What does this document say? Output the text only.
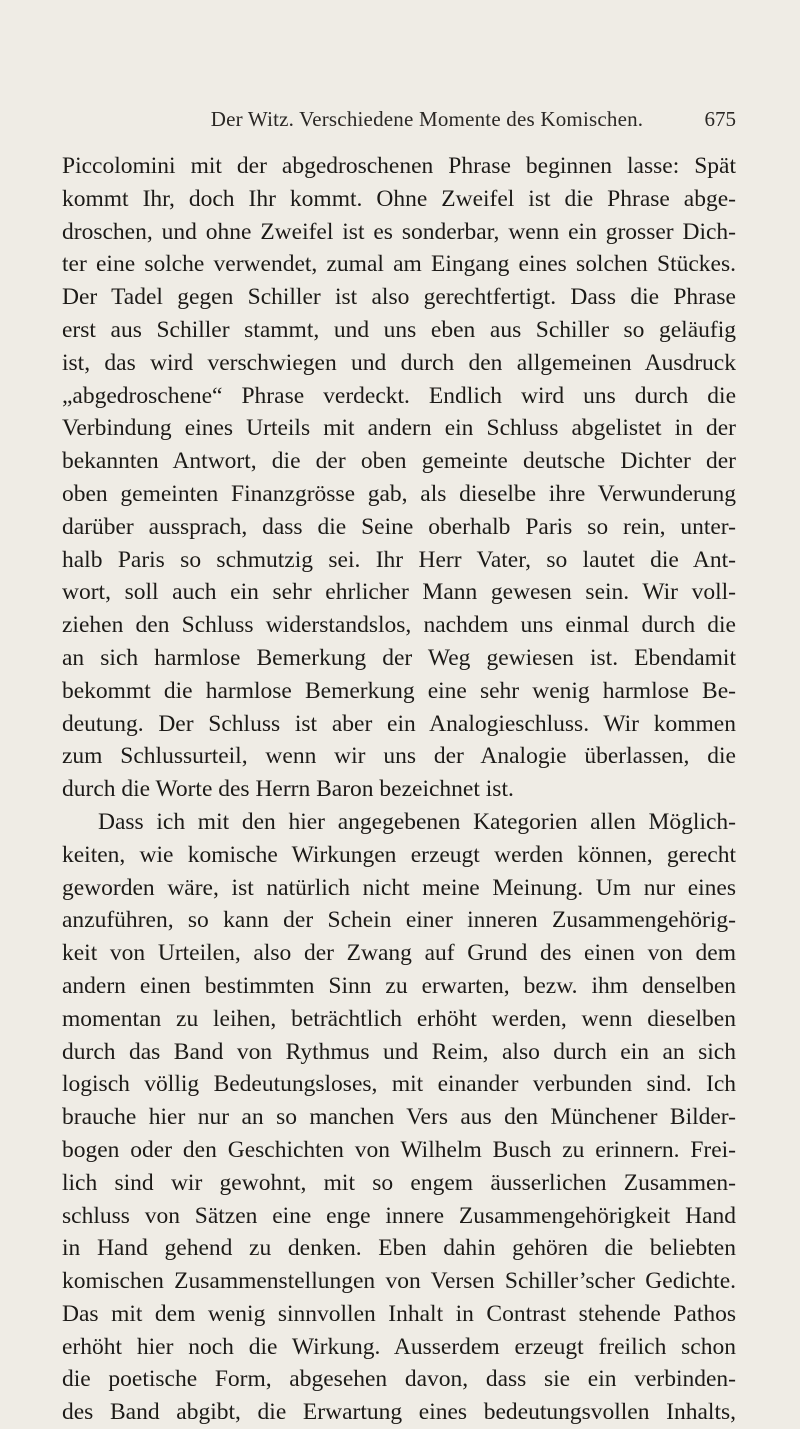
Der Witz. Verschiedene Momente des Komischen.	675
Piccolomini mit der abgedroschenen Phrase beginnen lasse: Spät
kommt Ihr, doch Ihr kommt. Ohne Zweifel ist die Phrase abge-
droschen, und ohne Zweifel ist es sonderbar, wenn ein grosser Dich-
ter eine solche verwendet, zumal am Eingang eines solchen Stückes.
Der Tadel gegen Schiller ist also gerechtfertigt. Dass die Phrase
erst aus Schiller stammt, und uns eben aus Schiller so geläufig
ist, das wird verschwiegen und durch den allgemeinen Ausdruck
„abgedroschene“ Phrase verdeckt. Endlich wird uns durch die
Verbindung eines Urteils mit andern ein Schluss abgelistet in der
bekannten Antwort, die der oben gemeinte deutsche Dichter der
oben gemeinten Finanzgrösse gab, als dieselbe ihre Verwunderung
darüber aussprach, dass die Seine oberhalb Paris so rein, unter-
halb Paris so schmutzig sei. Ihr Herr Vater, so lautet die Ant-
wort, soll auch ein sehr ehrlicher Mann gewesen sein. Wir voll-
ziehen den Schluss widerstandslos, nachdem uns einmal durch die
an sich harmlose Bemerkung der Weg gewiesen ist. Ebendamit
bekommt die harmlose Bemerkung eine sehr wenig harmlose Be-
deutung. Der Schluss ist aber ein Analogieschluss. Wir kommen
zum Schlussurteil, wenn wir uns der Analogie überlassen, die
durch die Worte des Herrn Baron bezeichnet ist.
Dass ich mit den hier angegebenen Kategorien allen Möglich-
keiten, wie komische Wirkungen erzeugt werden können, gerecht
geworden wäre, ist natürlich nicht meine Meinung. Um nur eines
anzuführen, so kann der Schein einer inneren Zusammengehörig-
keit von Urteilen, also der Zwang auf Grund des einen von dem
andern einen bestimmten Sinn zu erwarten, bezw. ihm denselben
momentan zu leihen, beträchtlich erhöht werden, wenn dieselben
durch das Band von Rythmus und Reim, also durch ein an sich
logisch völlig Bedeutungsloses, mit einander verbunden sind. Ich
brauche hier nur an so manchen Vers aus den Münchener Bilder-
bogen oder den Geschichten von Wilhelm Busch zu erinnern. Frei-
lich sind wir gewohnt, mit so engem äusserlichen Zusammen-
schluss von Sätzen eine enge innere Zusammengehörigkeit Hand
in Hand gehend zu denken. Eben dahin gehören die beliebten
komischen Zusammenstellungen von Versen Schiller’scher Gedichte.
Das mit dem wenig sinnvollen Inhalt in Contrast stehende Pathos
erhöht hier noch die Wirkung. Ausserdem erzeugt freilich schon
die poetische Form, abgesehen davon, dass sie ein verbinden-
des Band abgibt, die Erwartung eines bedeutungsvollen Inhalts,
